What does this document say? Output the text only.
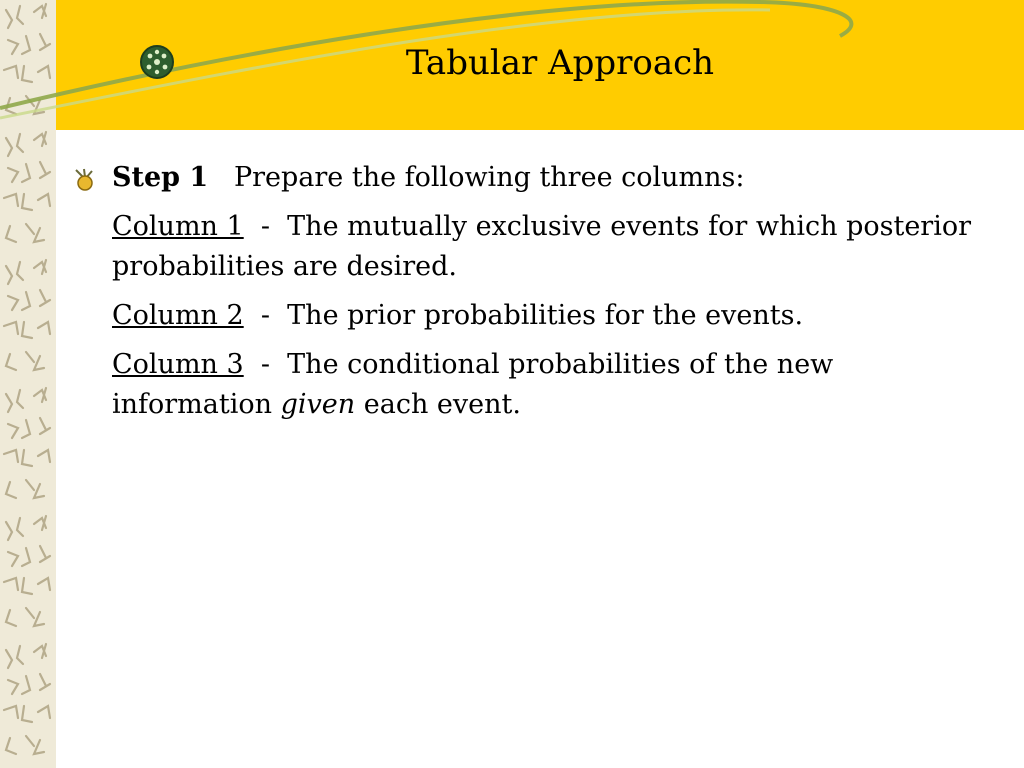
Tabular Approach
Step 1 Prepare the following three columns:
Column 1 - The mutually exclusive events for which posterior probabilities are desired.
Column 2 - The prior probabilities for the events.
Column 3 - The conditional probabilities of the new information given each event.
